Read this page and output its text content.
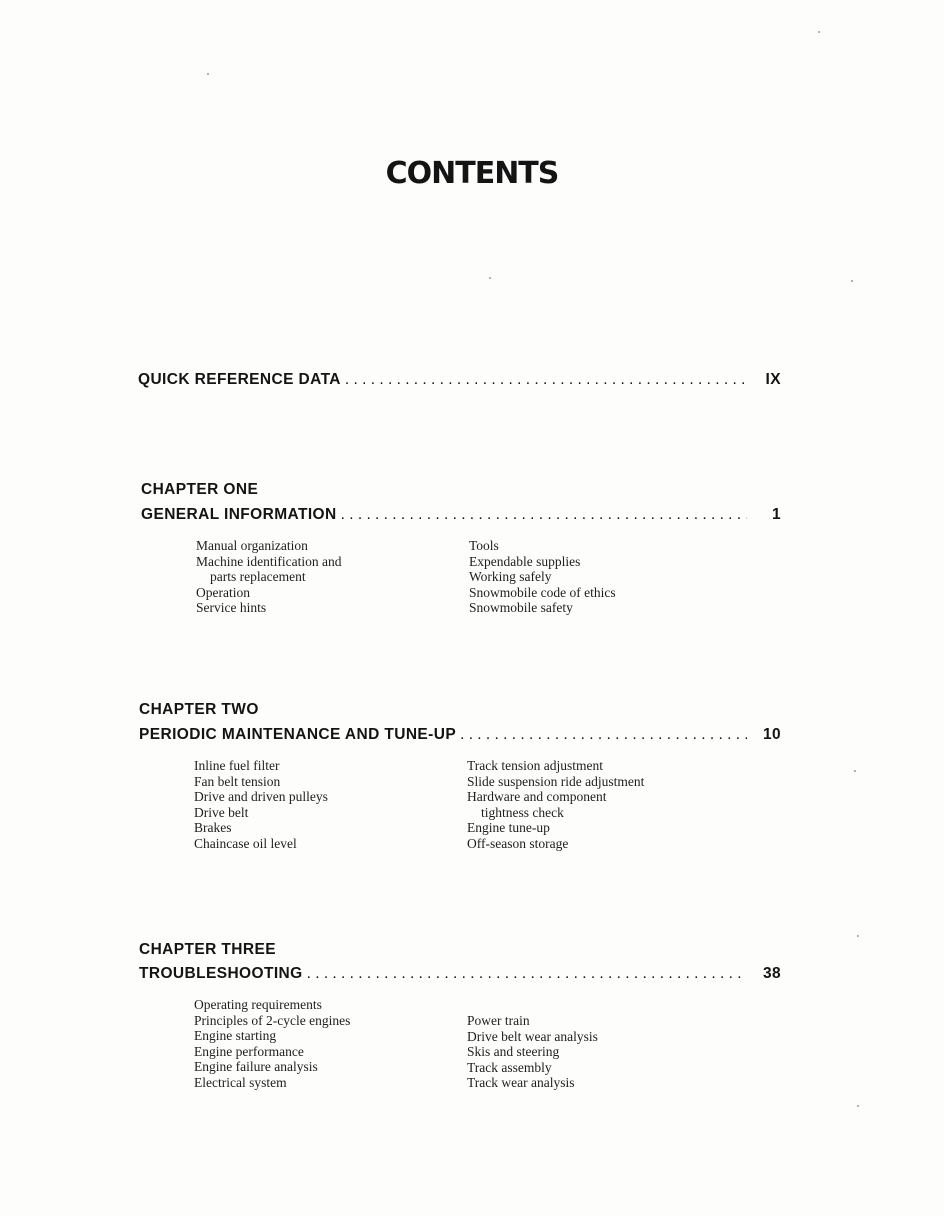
CONTENTS
QUICK REFERENCE DATA . . .	IX
CHAPTER ONE
GENERAL INFORMATION . . .	1
Manual organization
Machine identification and
parts replacement
Operation
Service hints
Tools
Expendable supplies
Working safely
Snowmobile code of ethics
Snowmobile safety
CHAPTER TWO
PERIODIC MAINTENANCE AND TUNE-UP . . .	10
Inline fuel filter
Fan belt tension
Drive and driven pulleys
Drive belt
Brakes
Chaincase oil level
Track tension adjustment
Slide suspension ride adjustment
Hardware and component
tightness check
Engine tune-up
Off-season storage
CHAPTER THREE
TROUBLESHOOTING . . .	38
Operating requirements
Principles of 2-cycle engines
Engine starting
Engine performance
Engine failure analysis
Electrical system
Power train
Drive belt wear analysis
Skis and steering
Track assembly
Track wear analysis
